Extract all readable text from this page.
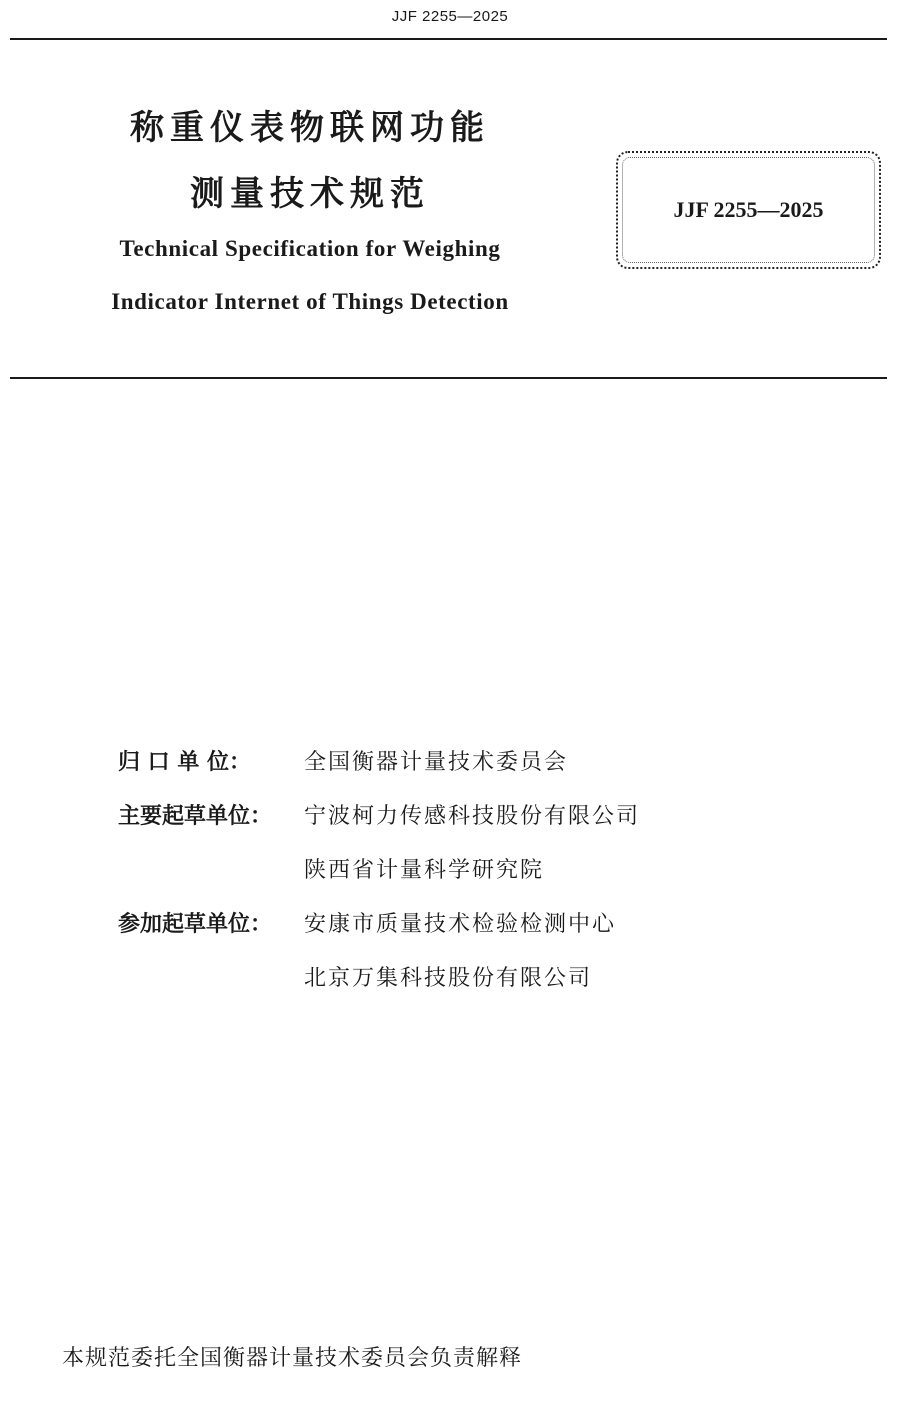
JJF 2255—2025
称重仪表物联网功能
测量技术规范
Technical Specification for Weighing
Indicator Internet of Things Detection
JJF 2255—2025
归 口 单 位： 全国衡器计量技术委员会
主要起草单位： 宁波柯力传感科技股份有限公司
陕西省计量科学研究院
参加起草单位： 安康市质量技术检验检测中心
北京万集科技股份有限公司
本规范委托全国衡器计量技术委员会负责解释
